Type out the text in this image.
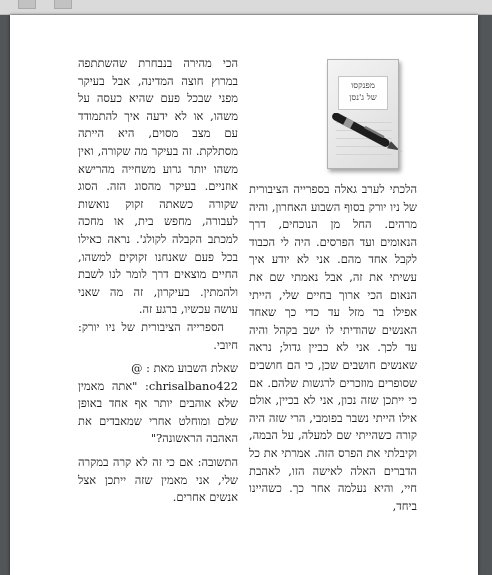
מפנקסו
של ג'נסן

הלכתי לערב גאלה בספרייה הציבורית של ניו יורק בסוף השבוע האחרון, והיה מרהים. החל מן הנוכחים, דרך הנאומים ועד הפרסים. היה לי הכבוד לקבל אחד מהם. אני לא יודע איך עשיתי את זה, אבל נאמתי שם את הנאום הכי ארוך בחיים שלי, הייתי אפילו בר מזל עד כדי כך שאחד האנשים שהודיתי לו ישב בקהל והיה עד לכך. אני לא כביין גדול; נראה שאנשים חושבים שכן, כי הם חושבים שסופרים מוזכרים לרגשות שלהם. אם כי ייתכן שזה נכון, אני לא בכיין, אולם אילו הייתי נשבר בפומבי, הרי שזה היה קורה כשהייתי שם למעלה, על הבמה, וקיבלתי את הפרס הזה. אמרתי את כל הדברים האלה לאישה הזו, לאהבת חיי, והיא נעלמה אחר כך. כשהיינו ביחד,

הכי מהירה בנבחרת שהשתתפה במרוץ חוצה המדינה, אבל בעיקר מפני שבכל פעם שהיא כעסה על משהו, או לא ידעה איך להתמודד עם מצב מסוים, היא הייתה מסתלקת. זה בעיקר מה שקורה, ואין משהו יותר גרוע משחייה מהרישא אוזניים. בעיקר מהסוג הזה. הסוג שקורה כשאתה זקוק נואשות לעבורה, מחפש בית, או מחכה למכתב הקבלה לקולג'. נראה כאילו בכל פעם שאנחנו זקוקים למשהו, החיים מוצאים דרך לומר לנו לשבת ולהמתין. בעיקרון, זה מה שאני עושה עכשיו, ברגע זה.

הספרייה הציבורית של ניו יורק: חיובי.

שאלת השבוע מאת : @

chrisalbano422: "אתה מאמין שלא אוהבים יותר אף אחד באופן שלם ומוחלט אחרי שמאבדים את האהבה הראשונה?"

התשובה: אם כי זה לא קרה במקרה שלי, אני מאמין שזה ייתכן אצל אנשים אחרים.
